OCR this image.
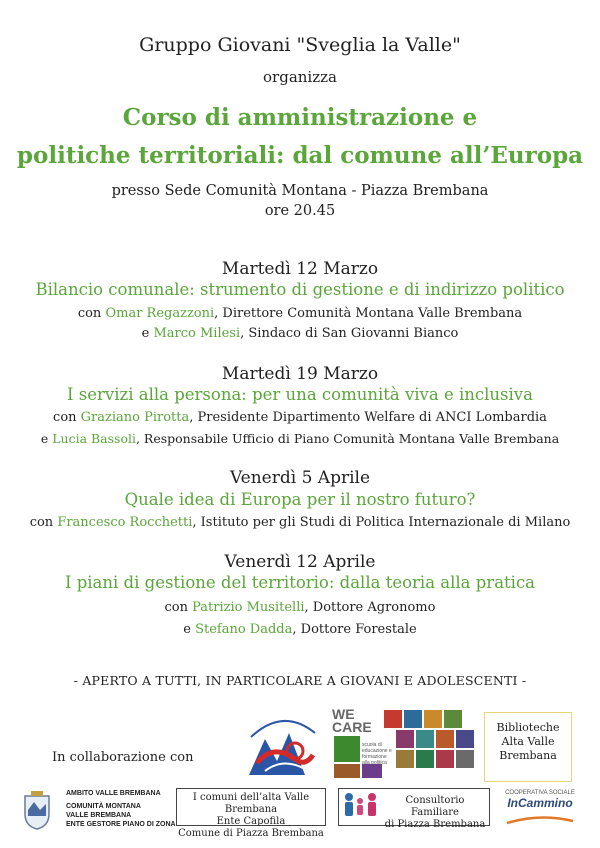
Gruppo Giovani "Sveglia la Valle"
organizza
Corso di amministrazione e
politiche territoriali: dal comune all’Europa
presso Sede Comunità Montana - Piazza Brembana
ore 20.45
Martedì 12 Marzo
Bilancio comunale: strumento di gestione e di indirizzo politico
con Omar Regazzoni, Direttore Comunità Montana Valle Brembana
e Marco Milesi, Sindaco di San Giovanni Bianco
Martedì 19 Marzo
I servizi alla persona: per una comunità viva e inclusiva
con Graziano Pirotta, Presidente Dipartimento Welfare di ANCI Lombardia
e Lucia Bassoli, Responsabile Ufficio di Piano Comunità Montana Valle Brembana
Venerdì 5 Aprile
Quale idea di Europa per il nostro futuro?
con Francesco Rocchetti, Istituto per gli Studi di Politica Internazionale di Milano
Venerdì 12 Aprile
I piani di gestione del territorio: dalla teoria alla pratica
con Patrizio Musitelli, Dottore Agronomo
e Stefano Dadda, Dottore Forestale
- APERTO A TUTTI, IN PARTICOLARE A GIOVANI E ADOLESCENTI -
In collaborazione con
WE
CARE
scuola di educazione e formazione alla politica
Biblioteche
Alta Valle
Brembana
AMBITO VALLE BREMBANA
COMUNITÀ MONTANA
VALLE BREMBANA
ENTE GESTORE PIANO DI ZONA
I comuni dell’alta Valle Brembana
Ente Capofila
Comune di Piazza Brembana
Consultorio Familiare
di Piazza Brembana
COOPERATIVA SOCIALE
InCammino
